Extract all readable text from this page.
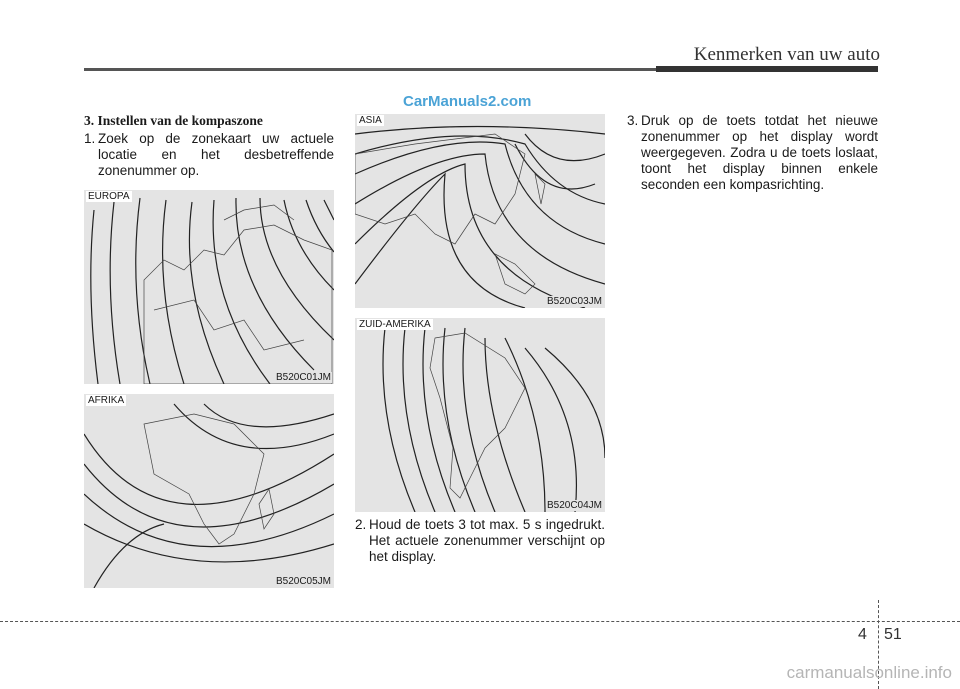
Kenmerken van uw auto
CarManuals2.com
3. Instellen van de kompaszone
1. Zoek op de zonekaart uw actuele locatie en het desbetreffende zonenummer op.
EUROPA
B520C01JM
AFRIKA
B520C05JM
ASIA
B520C03JM
ZUID-AMERIKA
B520C04JM
2. Houd de toets 3 tot max. 5 s ingedrukt. Het actuele zonenummer verschijnt op het display.
3. Druk op de toets totdat het nieuwe zonenummer op het display wordt weergegeven. Zodra u de toets loslaat, toont het display binnen enkele seconden een kompasrichting.
4 51
carmanualsonline.info
